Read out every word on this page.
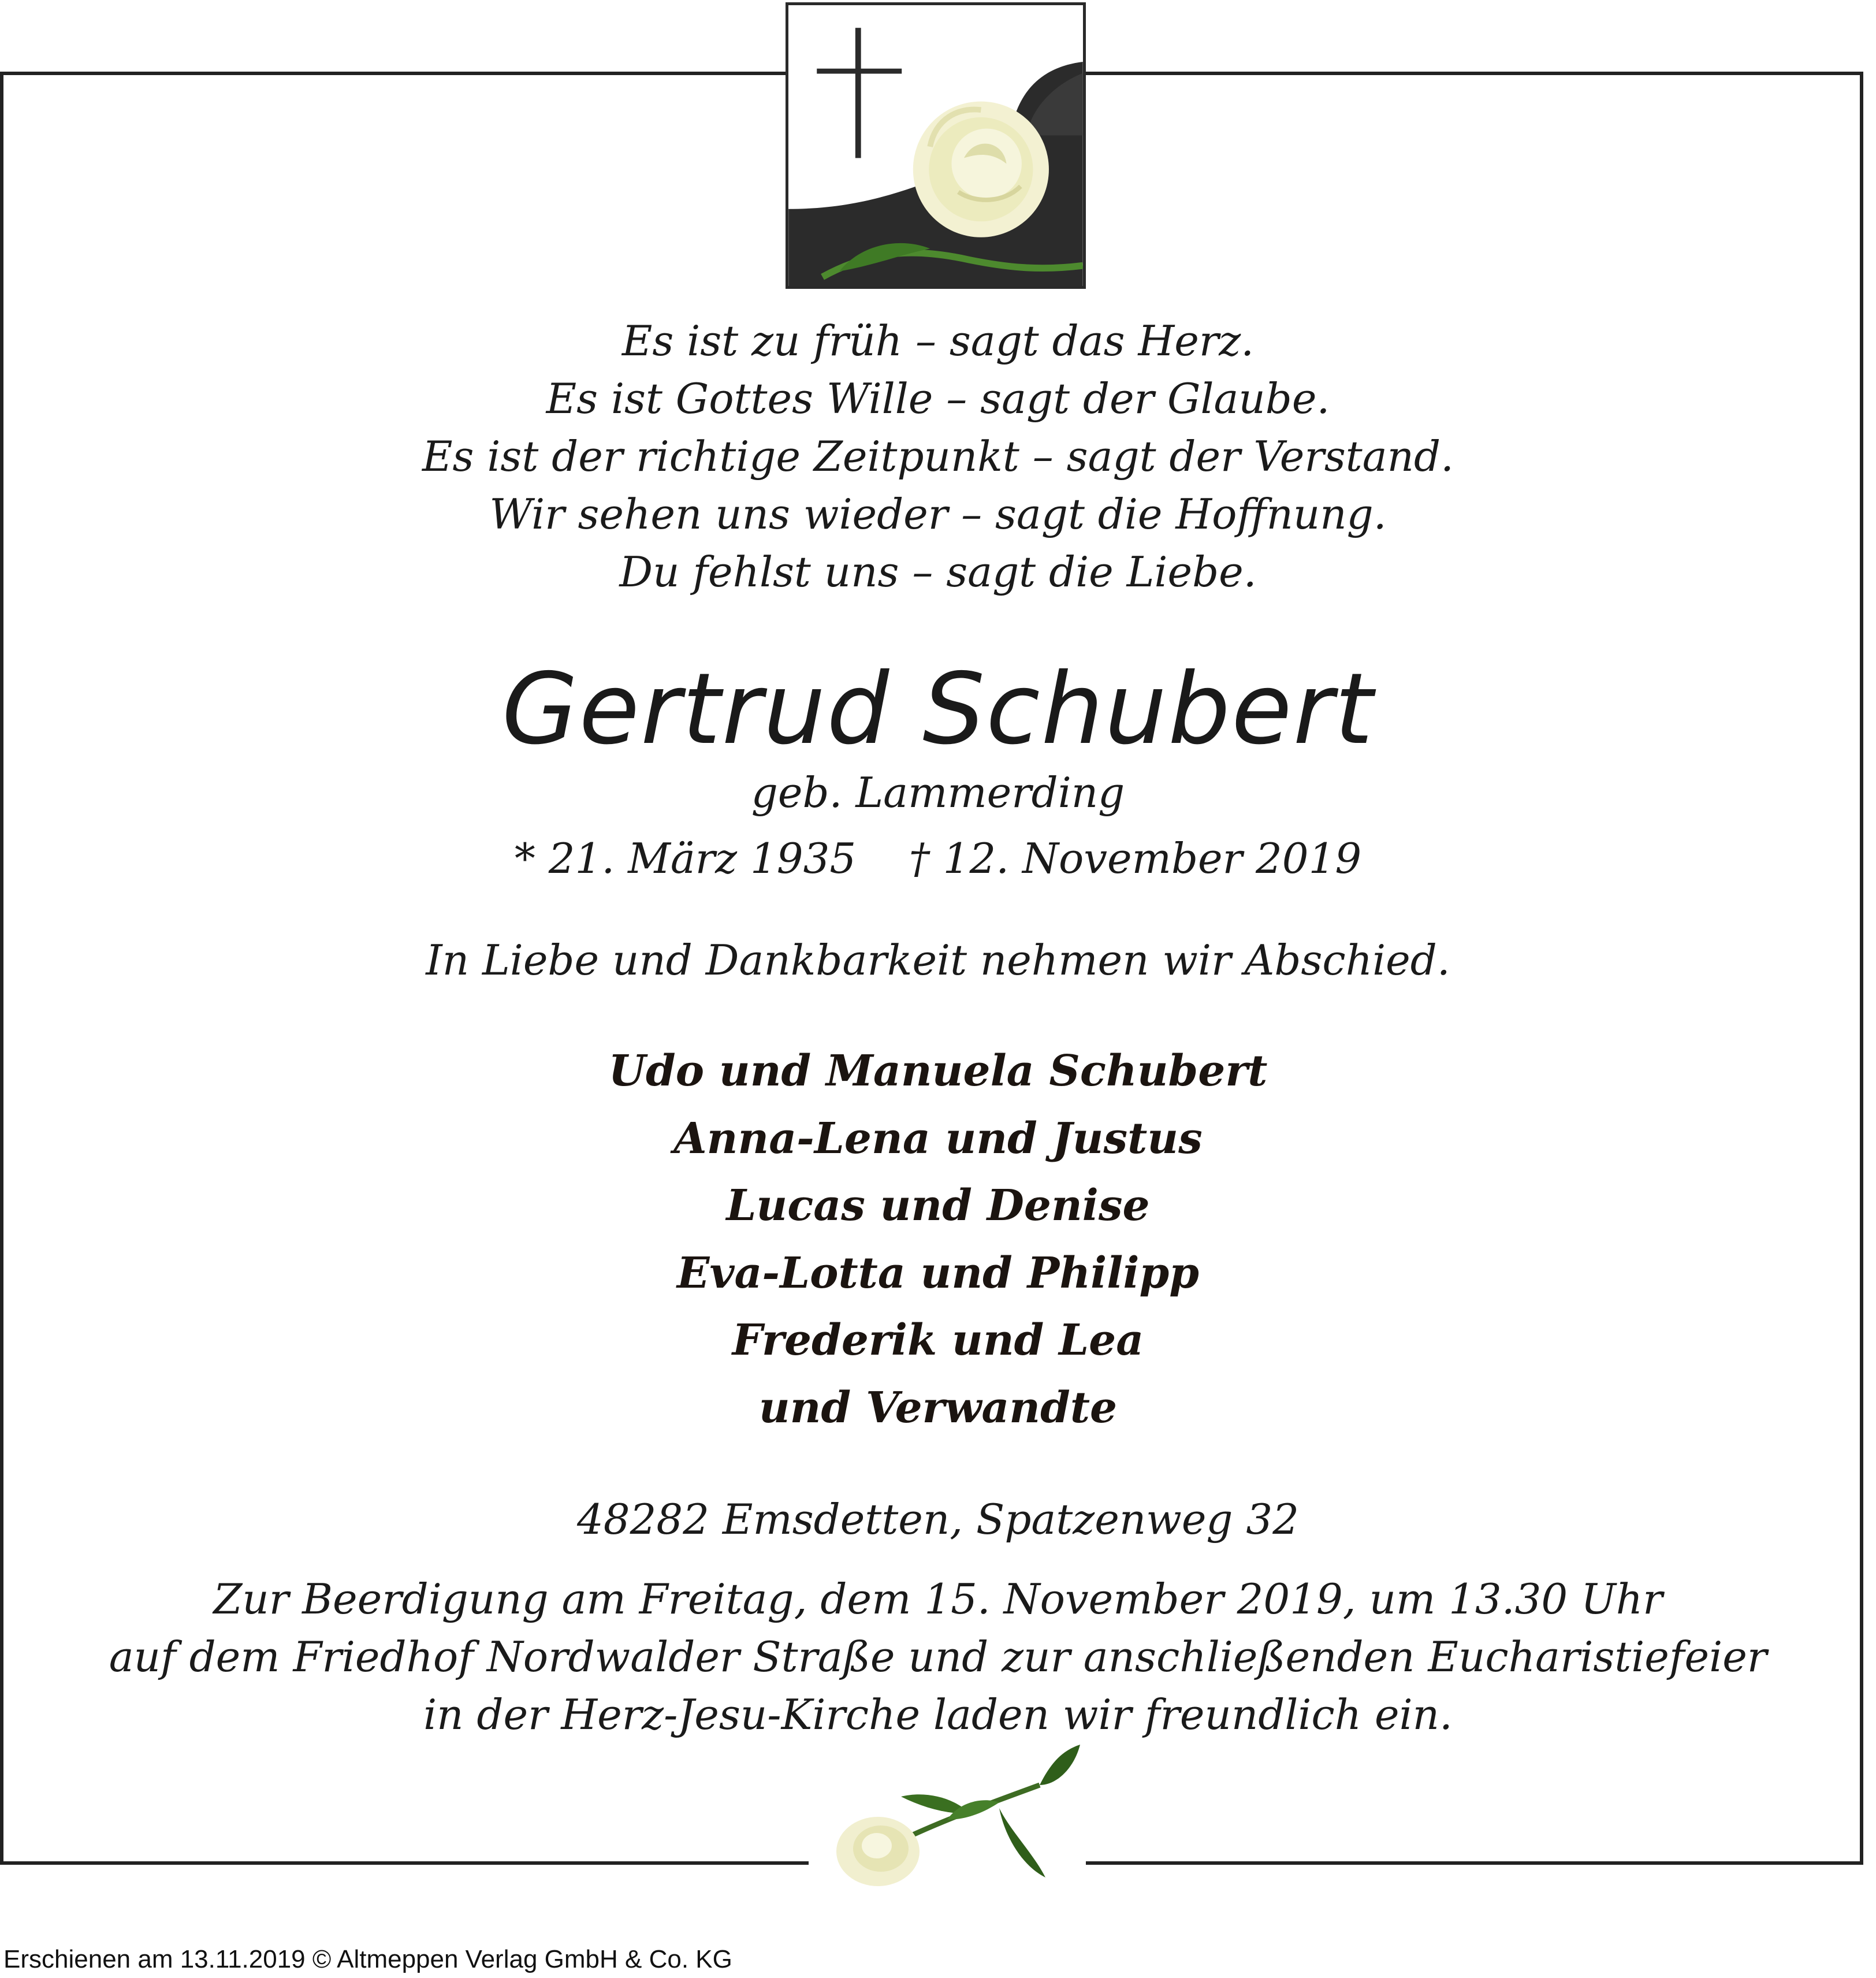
Es ist zu früh – sagt das Herz.
Es ist Gottes Wille – sagt der Glaube.
Es ist der richtige Zeitpunkt – sagt der Verstand.
Wir sehen uns wieder – sagt die Hoffnung.
Du fehlst uns – sagt die Liebe.
Gertrud Schubert
geb. Lammerding
* 21. März 1935    † 12. November 2019
In Liebe und Dankbarkeit nehmen wir Abschied.
Udo und Manuela Schubert
Anna-Lena und Justus
Lucas und Denise
Eva-Lotta und Philipp
Frederik und Lea
und Verwandte
48282 Emsdetten, Spatzenweg 32
Zur Beerdigung am Freitag, dem 15. November 2019, um 13.30 Uhr
auf dem Friedhof Nordwalder Straße und zur anschließenden Eucharistiefeier
in der Herz-Jesu-Kirche laden wir freundlich ein.
Erschienen am 13.11.2019 © Altmeppen Verlag GmbH & Co. KG
